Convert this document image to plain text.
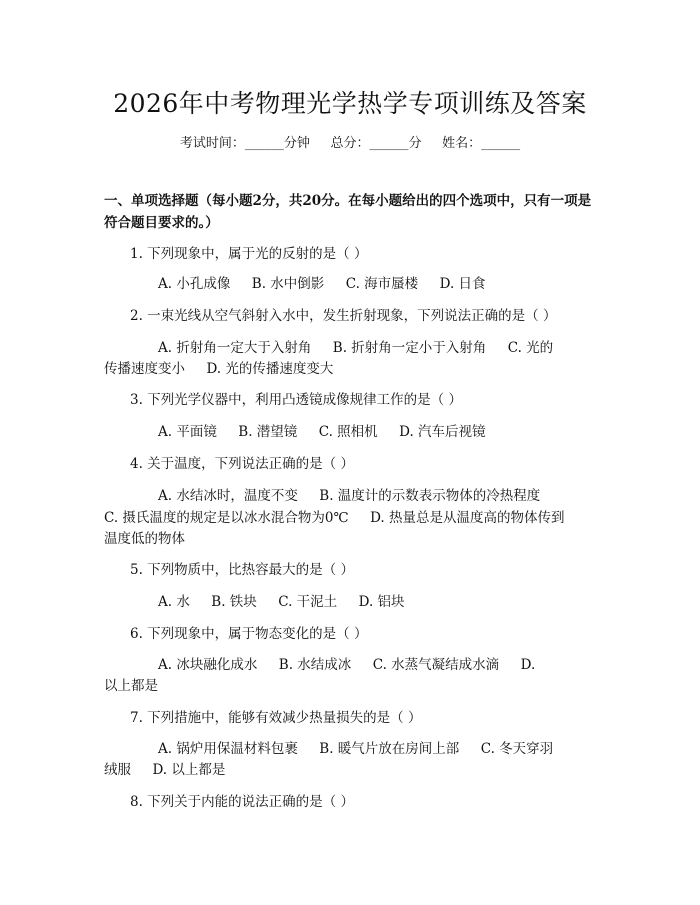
2026年中考物理光学热学专项训练及答案
考试时间：______分钟     总分：______分     姓名：______
一、单项选择题（每小题2分，共20分。在每小题给出的四个选项中，只有一项是符合题目要求的。）
1. 下列现象中，属于光的反射的是（ ）
A. 小孔成像     B. 水中倒影     C. 海市蜃楼     D. 日食
2. 一束光线从空气斜射入水中，发生折射现象，下列说法正确的是（ ）
A. 折射角一定大于入射角     B. 折射角一定小于入射角     C. 光的
传播速度变小     D. 光的传播速度变大
3. 下列光学仪器中，利用凸透镜成像规律工作的是（ ）
A. 平面镜     B. 潜望镜     C. 照相机     D. 汽车后视镜
4. 关于温度，下列说法正确的是（ ）
A. 水结冰时，温度不变     B. 温度计的示数表示物体的冷热程度
C. 摄氏温度的规定是以冰水混合物为0℃     D. 热量总是从温度高的物体传到
温度低的物体
5. 下列物质中，比热容最大的是（ ）
A. 水     B. 铁块     C. 干泥土     D. 铝块
6. 下列现象中，属于物态变化的是（ ）
A. 冰块融化成水     B. 水结成冰     C. 水蒸气凝结成水滴     D.
以上都是
7. 下列措施中，能够有效减少热量损失的是（ ）
A. 锅炉用保温材料包裹     B. 暖气片放在房间上部     C. 冬天穿羽
绒服     D. 以上都是
8. 下列关于内能的说法正确的是（ ）
